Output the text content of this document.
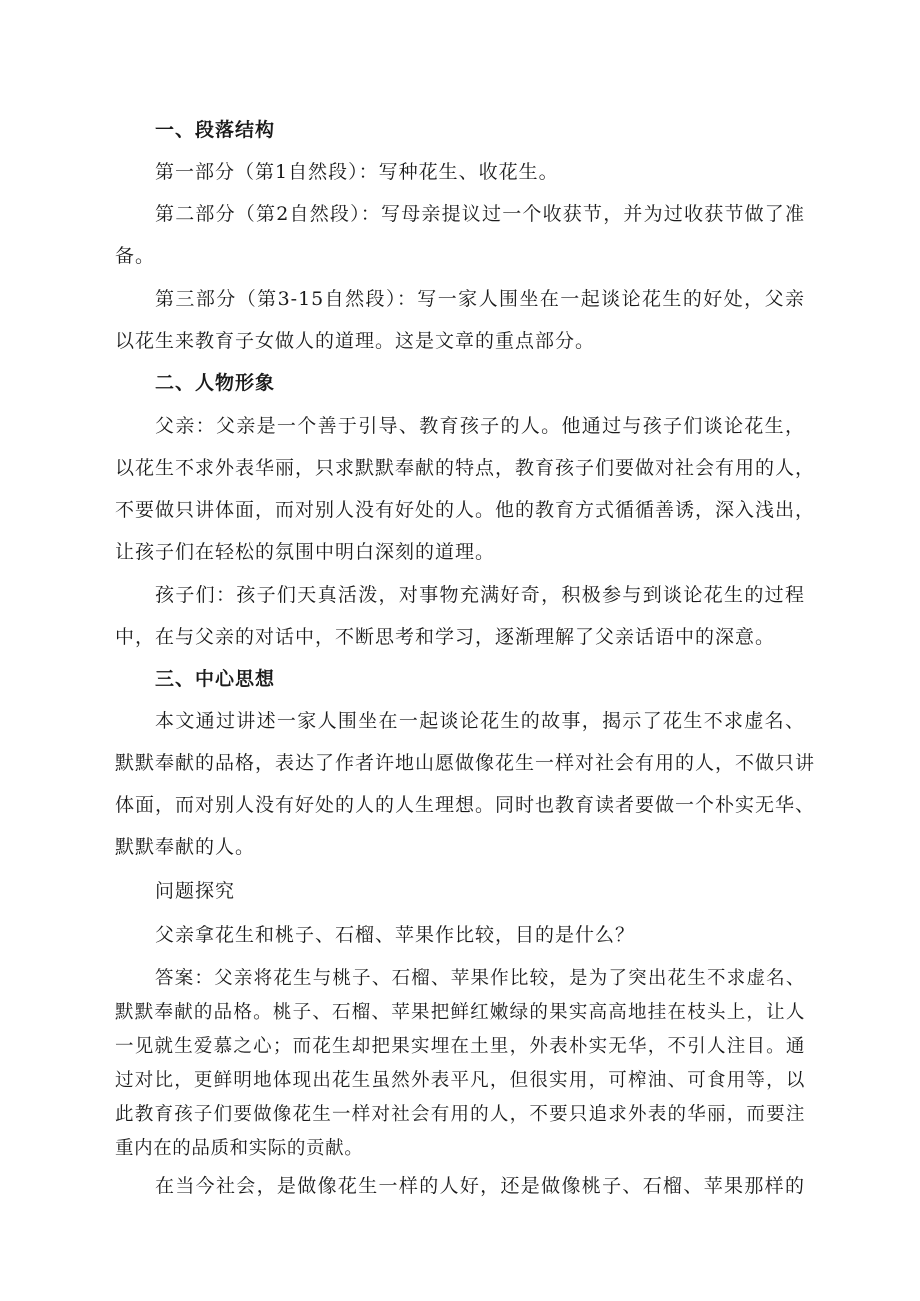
一、段落结构
第一部分（第1自然段）：写种花生、收花生。
第二部分（第2自然段）：写母亲提议过一个收获节，并为过收获节做了准
备。
第三部分（第3-15自然段）：写一家人围坐在一起谈论花生的好处，父亲
以花生来教育子女做人的道理。这是文章的重点部分。
二、人物形象
父亲：父亲是一个善于引导、教育孩子的人。他通过与孩子们谈论花生，
以花生不求外表华丽，只求默默奉献的特点，教育孩子们要做对社会有用的人，
不要做只讲体面，而对别人没有好处的人。他的教育方式循循善诱，深入浅出，
让孩子们在轻松的氛围中明白深刻的道理。
孩子们：孩子们天真活泼，对事物充满好奇，积极参与到谈论花生的过程
中，在与父亲的对话中，不断思考和学习，逐渐理解了父亲话语中的深意。
三、中心思想
本文通过讲述一家人围坐在一起谈论花生的故事，揭示了花生不求虚名、
默默奉献的品格，表达了作者许地山愿做像花生一样对社会有用的人，不做只讲
体面，而对别人没有好处的人的人生理想。同时也教育读者要做一个朴实无华、
默默奉献的人。
问题探究
父亲拿花生和桃子、石榴、苹果作比较，目的是什么？
答案：父亲将花生与桃子、石榴、苹果作比较，是为了突出花生不求虚名、
默默奉献的品格。桃子、石榴、苹果把鲜红嫩绿的果实高高地挂在枝头上，让人
一见就生爱慕之心；而花生却把果实埋在土里，外表朴实无华，不引人注目。通
过对比，更鲜明地体现出花生虽然外表平凡，但很实用，可榨油、可食用等，以
此教育孩子们要做像花生一样对社会有用的人，不要只追求外表的华丽，而要注
重内在的品质和实际的贡献。
在当今社会，是做像花生一样的人好，还是做像桃子、石榴、苹果那样的
